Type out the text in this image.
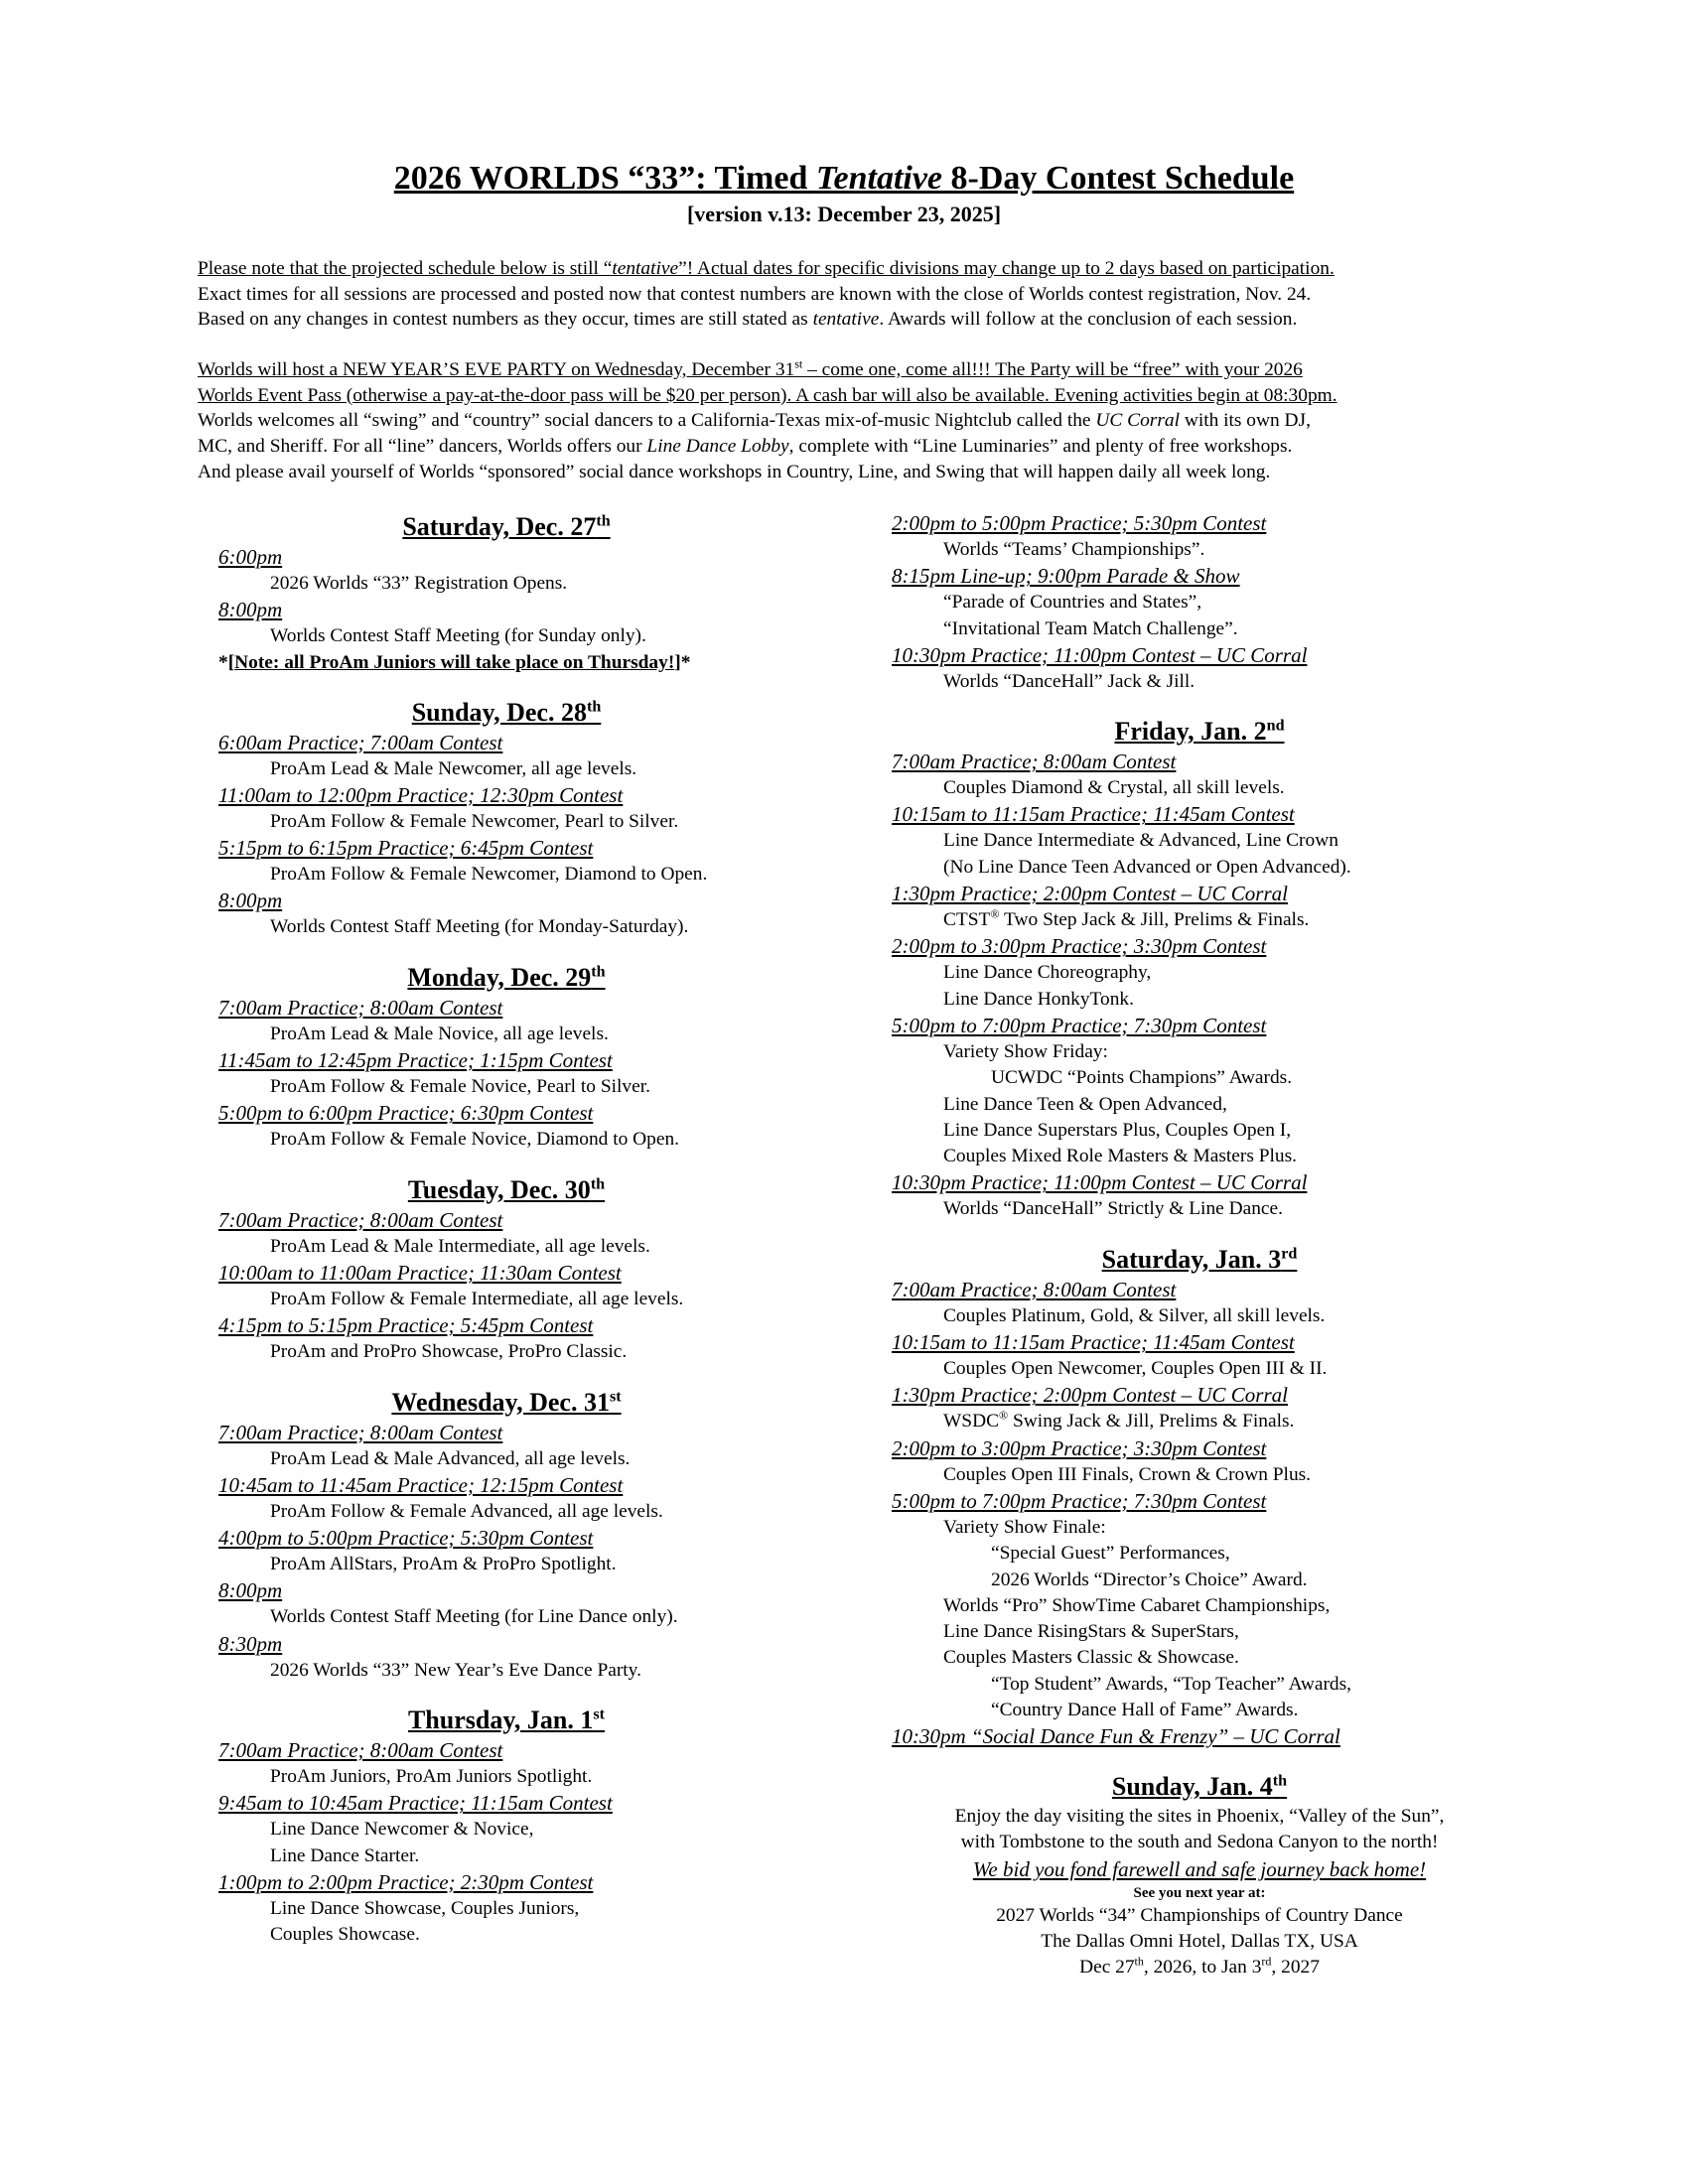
2026 WORLDS “33”: Timed Tentative 8-Day Contest Schedule
[version v.13: December 23, 2025]

Please note that the projected schedule below is still “tentative”! Actual dates for specific divisions may change up to 2 days based on participation.

Exact times for all sessions are processed and posted now that contest numbers are known with the close of Worlds contest registration, Nov. 24.

Based on any changes in contest numbers as they occur, times are still stated as tentative. Awards will follow at the conclusion of each session.

Worlds will host a NEW YEAR’S EVE PARTY on Wednesday, December 31st – come one, come all!!! The Party will be “free” with your 2026

Worlds Event Pass (otherwise a pay-at-the-door pass will be $20 per person). A cash bar will also be available. Evening activities begin at 08:30pm.

Worlds welcomes all “swing” and “country” social dancers to a California-Texas mix-of-music Nightclub called the UC Corral with its own DJ,

MC, and Sheriff. For all “line” dancers, Worlds offers our Line Dance Lobby, complete with “Line Luminaries” and plenty of free workshops.

And please avail yourself of Worlds “sponsored” social dance workshops in Country, Line, and Swing that will happen daily all week long.

Saturday, Dec. 27th
6:00pm
2026 Worlds “33” Registration Opens.
8:00pm
Worlds Contest Staff Meeting (for Sunday only).
*[Note: all ProAm Juniors will take place on Thursday!]*
Sunday, Dec. 28th
6:00am Practice; 7:00am Contest
ProAm Lead & Male Newcomer, all age levels.
11:00am to 12:00pm Practice; 12:30pm Contest
ProAm Follow & Female Newcomer, Pearl to Silver.
5:15pm to 6:15pm Practice; 6:45pm Contest
ProAm Follow & Female Newcomer, Diamond to Open.
8:00pm
Worlds Contest Staff Meeting (for Monday-Saturday).
Monday, Dec. 29th
7:00am Practice; 8:00am Contest
ProAm Lead & Male Novice, all age levels.
11:45am to 12:45pm Practice; 1:15pm Contest
ProAm Follow & Female Novice, Pearl to Silver.
5:00pm to 6:00pm Practice; 6:30pm Contest
ProAm Follow & Female Novice, Diamond to Open.
Tuesday, Dec. 30th
7:00am Practice; 8:00am Contest
ProAm Lead & Male Intermediate, all age levels.
10:00am to 11:00am Practice; 11:30am Contest
ProAm Follow & Female Intermediate, all age levels.
4:15pm to 5:15pm Practice; 5:45pm Contest
ProAm and ProPro Showcase, ProPro Classic.
Wednesday, Dec. 31st
7:00am Practice; 8:00am Contest
ProAm Lead & Male Advanced, all age levels.
10:45am to 11:45am Practice; 12:15pm Contest
ProAm Follow & Female Advanced, all age levels.
4:00pm to 5:00pm Practice; 5:30pm Contest
ProAm AllStars, ProAm & ProPro Spotlight.
8:00pm
Worlds Contest Staff Meeting (for Line Dance only).
8:30pm
2026 Worlds “33” New Year’s Eve Dance Party.
Thursday, Jan. 1st
7:00am Practice; 8:00am Contest
ProAm Juniors, ProAm Juniors Spotlight.
9:45am to 10:45am Practice; 11:15am Contest
Line Dance Newcomer & Novice,
Line Dance Starter.
1:00pm to 2:00pm Practice; 2:30pm Contest
Line Dance Showcase, Couples Juniors,
Couples Showcase.
2:00pm to 5:00pm Practice; 5:30pm Contest
Worlds “Teams’ Championships”.
8:15pm Line-up; 9:00pm Parade & Show
“Parade of Countries and States”,
“Invitational Team Match Challenge”.
10:30pm Practice; 11:00pm Contest – UC Corral
Worlds “DanceHall” Jack & Jill.
Friday, Jan. 2nd
7:00am Practice; 8:00am Contest
Couples Diamond & Crystal, all skill levels.
10:15am to 11:15am Practice; 11:45am Contest
Line Dance Intermediate & Advanced, Line Crown
(No Line Dance Teen Advanced or Open Advanced).
1:30pm Practice; 2:00pm Contest – UC Corral
CTST® Two Step Jack & Jill, Prelims & Finals.
2:00pm to 3:00pm Practice; 3:30pm Contest
Line Dance Choreography,
Line Dance HonkyTonk.
5:00pm to 7:00pm Practice; 7:30pm Contest
Variety Show Friday:
UCWDC “Points Champions” Awards.
Line Dance Teen & Open Advanced,
Line Dance Superstars Plus, Couples Open I,
Couples Mixed Role Masters & Masters Plus.
10:30pm Practice; 11:00pm Contest – UC Corral
Worlds “DanceHall” Strictly & Line Dance.
Saturday, Jan. 3rd
7:00am Practice; 8:00am Contest
Couples Platinum, Gold, & Silver, all skill levels.
10:15am to 11:15am Practice; 11:45am Contest
Couples Open Newcomer, Couples Open III & II.
1:30pm Practice; 2:00pm Contest – UC Corral
WSDC® Swing Jack & Jill, Prelims & Finals.
2:00pm to 3:00pm Practice; 3:30pm Contest
Couples Open III Finals, Crown & Crown Plus.
5:00pm to 7:00pm Practice; 7:30pm Contest
Variety Show Finale:
“Special Guest” Performances,
2026 Worlds “Director’s Choice” Award.
Worlds “Pro” ShowTime Cabaret Championships,
Line Dance RisingStars & SuperStars,
Couples Masters Classic & Showcase.
“Top Student” Awards, “Top Teacher” Awards,
“Country Dance Hall of Fame” Awards.
10:30pm “Social Dance Fun & Frenzy” – UC Corral
Sunday, Jan. 4th
Enjoy the day visiting the sites in Phoenix, “Valley of the Sun”,
with Tombstone to the south and Sedona Canyon to the north!
We bid you fond farewell and safe journey back home!
See you next year at:
2027 Worlds “34” Championships of Country Dance
The Dallas Omni Hotel, Dallas TX, USA
Dec 27th, 2026, to Jan 3rd, 2027
